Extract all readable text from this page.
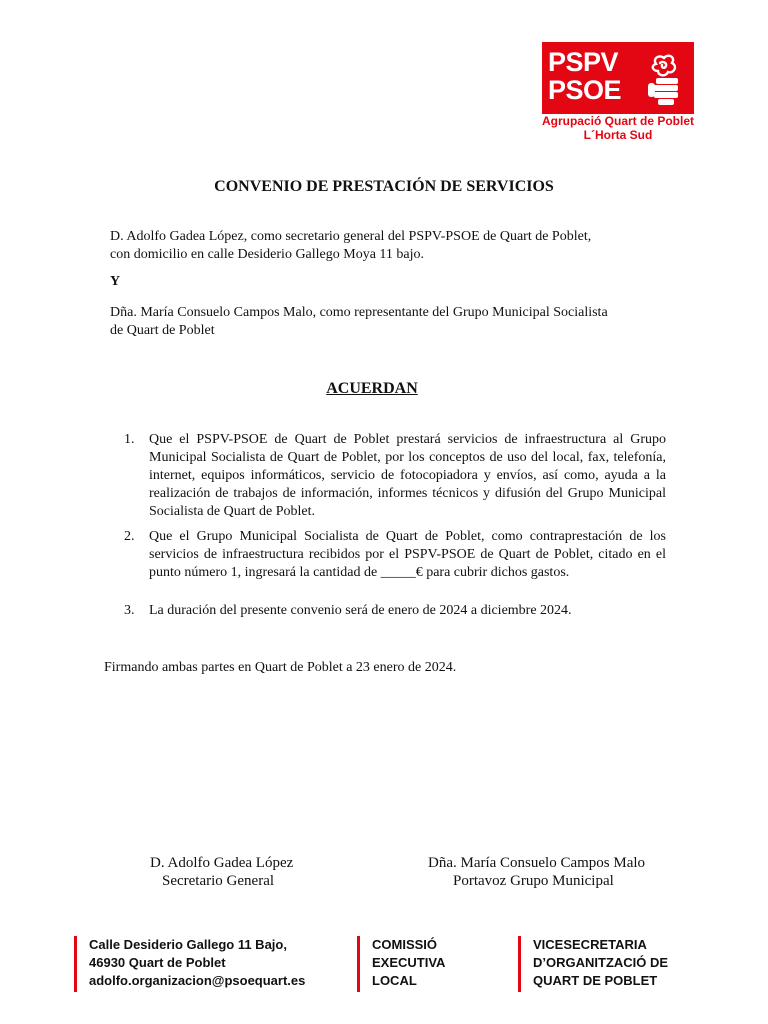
PSPV
PSOE
Agrupació Quart de Poblet
L´Horta Sud
CONVENIO DE PRESTACIÓN DE SERVICIOS
D. Adolfo Gadea López, como secretario general del PSPV-PSOE de Quart de Poblet,
con domicilio en calle Desiderio Gallego Moya 11 bajo.
Y
Dña. María Consuelo Campos Malo, como representante del Grupo Municipal Socialista
de Quart de Poblet
ACUERDAN
1. Que el PSPV-PSOE de Quart de Poblet prestará servicios de infraestructura al Grupo Municipal Socialista de Quart de Poblet, por los conceptos de uso del local, fax, telefonía, internet, equipos informáticos, servicio de fotocopiadora y envíos, así como, ayuda a la realización de trabajos de información, informes técnicos y difusión del Grupo Municipal Socialista de Quart de Poblet.
2. Que el Grupo Municipal Socialista de Quart de Poblet, como contraprestación de los servicios de infraestructura recibidos por el PSPV-PSOE de Quart de Poblet, citado en el punto número 1, ingresará la cantidad de _____€ para cubrir dichos gastos.
3. La duración del presente convenio será de enero de 2024 a diciembre 2024.
Firmando ambas partes en Quart de Poblet a 23 enero de 2024.
D. Adolfo Gadea López
Secretario General
Dña. María Consuelo Campos Malo
Portavoz Grupo Municipal
Calle Desiderio Gallego 11 Bajo,
46930 Quart de Poblet
adolfo.organizacion@psoequart.es
COMISSIÓ
EXECUTIVA
LOCAL
VICESECRETARIA
D’ORGANITZACIÓ DE
QUART DE POBLET
